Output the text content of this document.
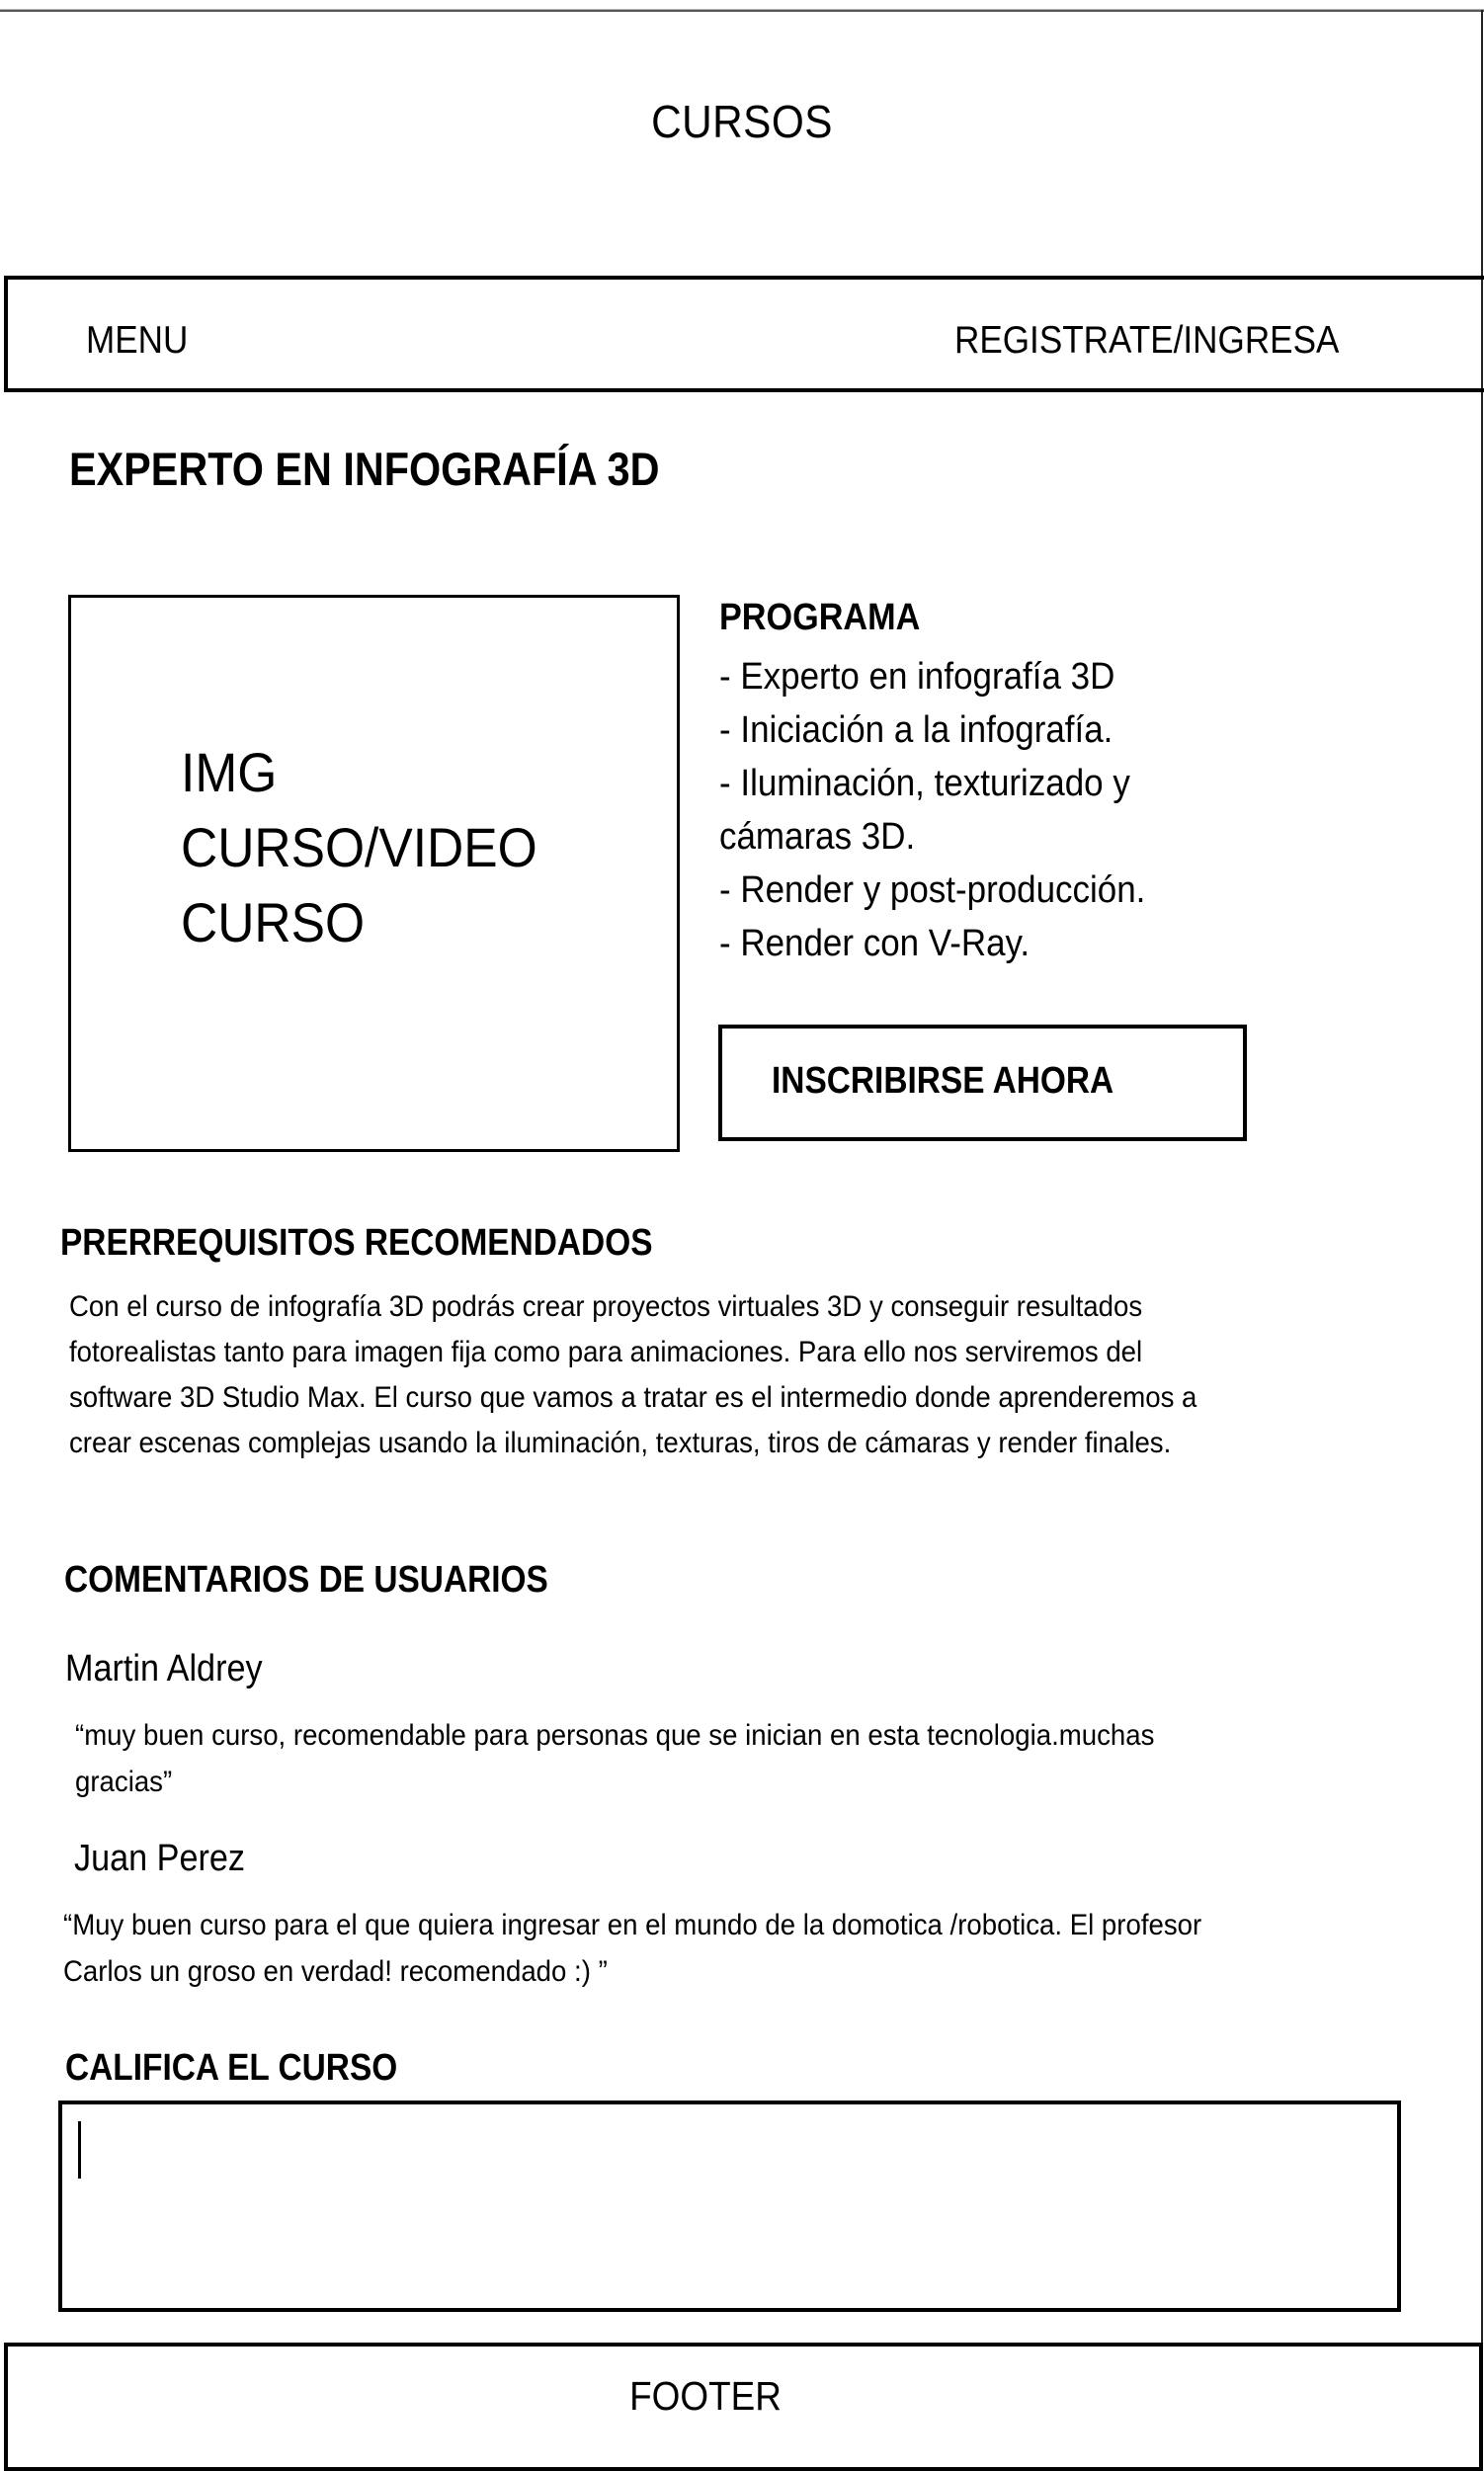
CURSOS
MENU	REGISTRATE/INGRESA
EXPERTO EN INFOGRAFÍA 3D
IMG
CURSO/VIDEO
CURSO
PROGRAMA
- Experto en infografía 3D
- Iniciación a la infografía.
- Iluminación, texturizado y
cámaras 3D.
- Render y post-producción.
- Render con V-Ray.
INSCRIBIRSE AHORA
PRERREQUISITOS RECOMENDADOS
Con el curso de infografía 3D podrás crear proyectos virtuales 3D y conseguir resultados
fotorealistas tanto para imagen fija como para animaciones. Para ello nos serviremos del
software 3D Studio Max. El curso que vamos a tratar es el intermedio donde aprenderemos a
crear escenas complejas usando la iluminación, texturas, tiros de cámaras y render finales.
COMENTARIOS DE USUARIOS
Martin Aldrey
“muy buen curso, recomendable para personas que se inician en esta tecnologia.muchas
gracias”
Juan Perez
“Muy buen curso para el que quiera ingresar en el mundo de la domotica /robotica. El profesor
Carlos un groso en verdad! recomendado :) ”
CALIFICA EL CURSO
FOOTER
